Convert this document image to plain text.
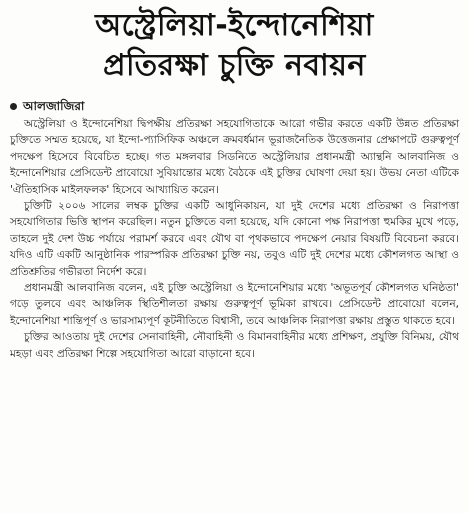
অস্ট্রেলিয়া-ইন্দোনেশিয়া
প্রতিরক্ষা চুক্তি নবায়ন
আলজাজিরা

অস্ট্রেলিয়া ও ইন্দোনেশিয়া দ্বিপক্ষীয় প্রতিরক্ষা সহযোগিতাকে আরো গভীর করতে একটি উন্নত প্রতিরক্ষা চুক্তিতে সম্মত হয়েছে, যা ইন্দো-প্যাসিফিক অঞ্চলে ক্রমবর্ধমান ভূরাজনৈতিক উত্তেজনার প্রেক্ষাপটে গুরুত্বপূর্ণ পদক্ষেপ হিসেবে বিবেচিত হচ্ছে। গত মঙ্গলবার সিডনিতে অস্ট্রেলিয়ার প্রধানমন্ত্রী অ্যান্থনি আলবানিজ ও ইন্দোনেশিয়ার প্রেসিডেন্ট প্রাবোয়ো সুবিয়ান্তোর মধ্যে বৈঠকে এই চুক্তির ঘোষণা দেয়া হয়। উভয় নেতা এটিকে 'ঐতিহাসিক মাইলফলক' হিসেবে আখ্যায়িত করেন।

চুক্তিটি ২০০৬ সালের লম্বক চুক্তির একটি আধুনিকায়ন, যা দুই দেশের মধ্যে প্রতিরক্ষা ও নিরাপত্তা সহযোগিতার ভিত্তি স্থাপন করেছিল। নতুন চুক্তিতে বলা হয়েছে, যদি কোনো পক্ষ নিরাপত্তা হুমকির মুখে পড়ে, তাহলে দুই দেশ উচ্চ পর্যায়ে পরামর্শ করবে এবং যৌথ বা পৃথকভাবে পদক্ষেপ নেয়ার বিষয়টি বিবেচনা করবে। যদিও এটি একটি আনুষ্ঠানিক পারস্পরিক প্রতিরক্ষা চুক্তি নয়, তবুও এটি দুই দেশের মধ্যে কৌশলগত আস্থা ও প্রতিশ্রুতির গভীরতা নির্দেশ করে।

প্রধানমন্ত্রী আলবানিজ বলেন, এই চুক্তি অস্ট্রেলিয়া ও ইন্দোনেশিয়ার মধ্যে 'অভূতপূর্ব কৌশলগত ঘনিষ্ঠতা' গড়ে তুলবে এবং আঞ্চলিক স্থিতিশীলতা রক্ষায় গুরুত্বপূর্ণ ভূমিকা রাখবে। প্রেসিডেন্ট প্রাবোয়ো বলেন, ইন্দোনেশিয়া শান্তিপূর্ণ ও ভারসাম্যপূর্ণ কূটনীতিতে বিশ্বাসী, তবে আঞ্চলিক নিরাপত্তা রক্ষায় প্রস্তুত থাকতে হবে।

চুক্তির আওতায় দুই দেশের সেনাবাহিনী, নৌবাহিনী ও বিমানবাহিনীর মধ্যে প্রশিক্ষণ, প্রযুক্তি বিনিময়, যৌথ মহড়া এবং প্রতিরক্ষা শিল্পে সহযোগিতা আরো বাড়ানো হবে।
